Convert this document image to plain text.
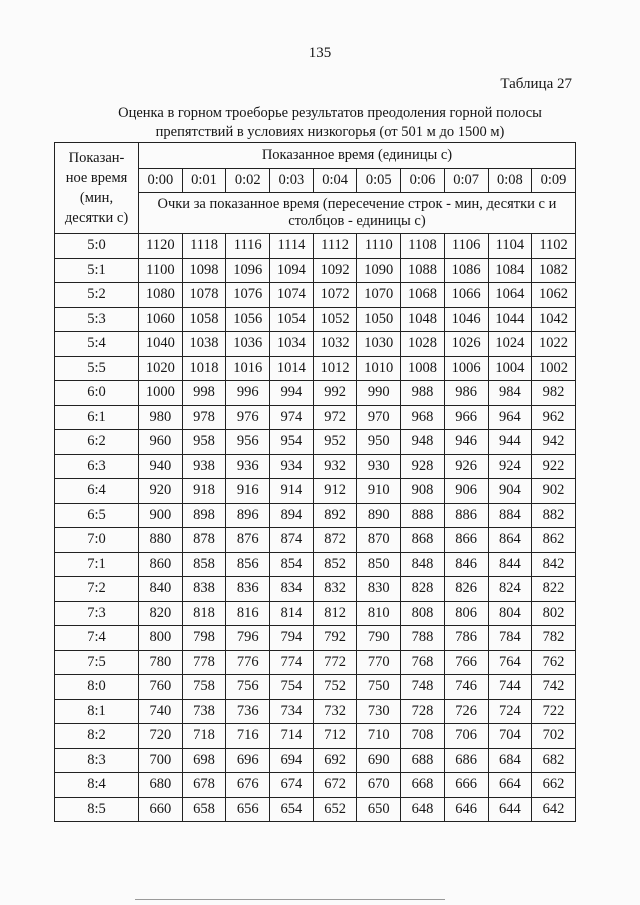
135
Таблица 27
Оценка в горном троеборье результатов преодоления горной полосы
препятствий в условиях низкогорья (от 501 м до 1500 м)
Показан-
ное время
(мин,
десятки с)	Показанное время (единицы с)									
	0:00	0:01	0:02	0:03	0:04	0:05	0:06	0:07	0:08	0:09
	Очки за показанное время (пересечение строк - мин, десятки с и столбцов - единицы с)									
5:0	1120	1118	1116	1114	1112	1110	1108	1106	1104	1102
5:1	1100	1098	1096	1094	1092	1090	1088	1086	1084	1082
5:2	1080	1078	1076	1074	1072	1070	1068	1066	1064	1062
5:3	1060	1058	1056	1054	1052	1050	1048	1046	1044	1042
5:4	1040	1038	1036	1034	1032	1030	1028	1026	1024	1022
5:5	1020	1018	1016	1014	1012	1010	1008	1006	1004	1002
6:0	1000	998	996	994	992	990	988	986	984	982
6:1	980	978	976	974	972	970	968	966	964	962
6:2	960	958	956	954	952	950	948	946	944	942
6:3	940	938	936	934	932	930	928	926	924	922
6:4	920	918	916	914	912	910	908	906	904	902
6:5	900	898	896	894	892	890	888	886	884	882
7:0	880	878	876	874	872	870	868	866	864	862
7:1	860	858	856	854	852	850	848	846	844	842
7:2	840	838	836	834	832	830	828	826	824	822
7:3	820	818	816	814	812	810	808	806	804	802
7:4	800	798	796	794	792	790	788	786	784	782
7:5	780	778	776	774	772	770	768	766	764	762
8:0	760	758	756	754	752	750	748	746	744	742
8:1	740	738	736	734	732	730	728	726	724	722
8:2	720	718	716	714	712	710	708	706	704	702
8:3	700	698	696	694	692	690	688	686	684	682
8:4	680	678	676	674	672	670	668	666	664	662
8:5	660	658	656	654	652	650	648	646	644	642
